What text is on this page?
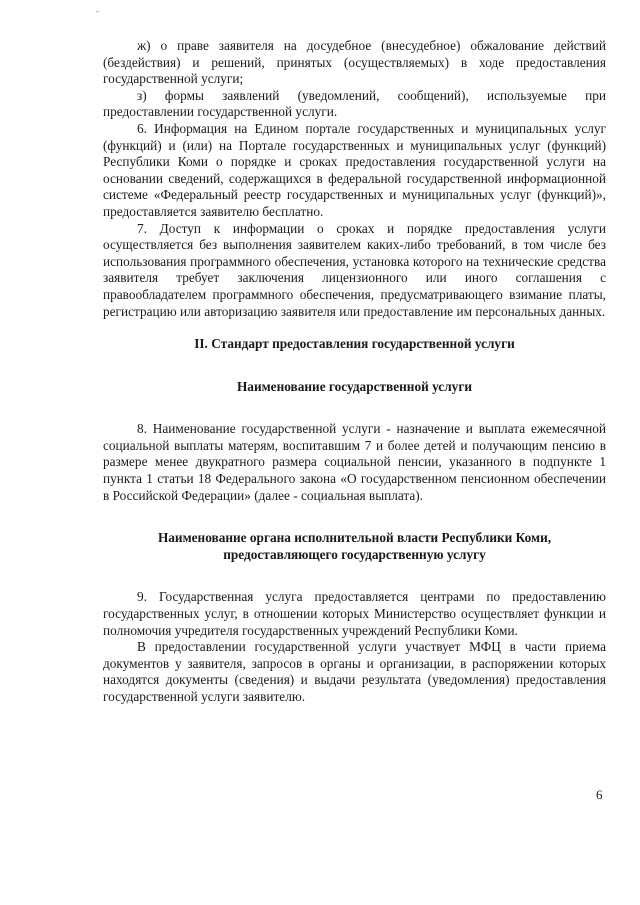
-

ж) о праве заявителя на досудебное (внесудебное) обжалование действий (бездействия) и решений, принятых (осуществляемых) в ходе предоставления государственной услуги;

з) формы заявлений (уведомлений, сообщений), используемые при предоставлении государственной услуги.

6. Информация на Едином портале государственных и муниципальных услуг (функций) и (или) на Портале государственных и муниципальных услуг (функций) Республики Коми о порядке и сроках предоставления государственной услуги на основании сведений, содержащихся в федеральной государственной информационной системе «Федеральный реестр государственных и муниципальных услуг (функций)», предоставляется заявителю бесплатно.

7. Доступ к информации о сроках и порядке предоставления услуги осуществляется без выполнения заявителем каких-либо требований, в том числе без использования программного обеспечения, установка которого на технические средства заявителя требует заключения лицензионного или иного соглашения с правообладателем программного обеспечения, предусматривающего взимание платы, регистрацию или авторизацию заявителя или предоставление им персональных данных.

II. Стандарт предоставления государственной услуги
Наименование государственной услуги

8. Наименование государственной услуги - назначение и выплата ежемесячной социальной выплаты матерям, воспитавшим 7 и более детей и получающим пенсию в размере менее двукратного размера социальной пенсии, указанного в подпункте 1 пункта 1 статьи 18 Федерального закона «О государственном пенсионном обеспечении в Российской Федерации» (далее - социальная выплата).

Наименование органа исполнительной власти Республики Коми,
предоставляющего государственную услугу

9. Государственная услуга предоставляется центрами по предоставлению государственных услуг, в отношении которых Министерство осуществляет функции и полномочия учредителя государственных учреждений Республики Коми.

В предоставлении государственной услуги участвует МФЦ в части приема документов у заявителя, запросов в органы и организации, в распоряжении которых находятся документы (сведения) и выдачи результата (уведомления) предоставления государственной услуги заявителю.

6
